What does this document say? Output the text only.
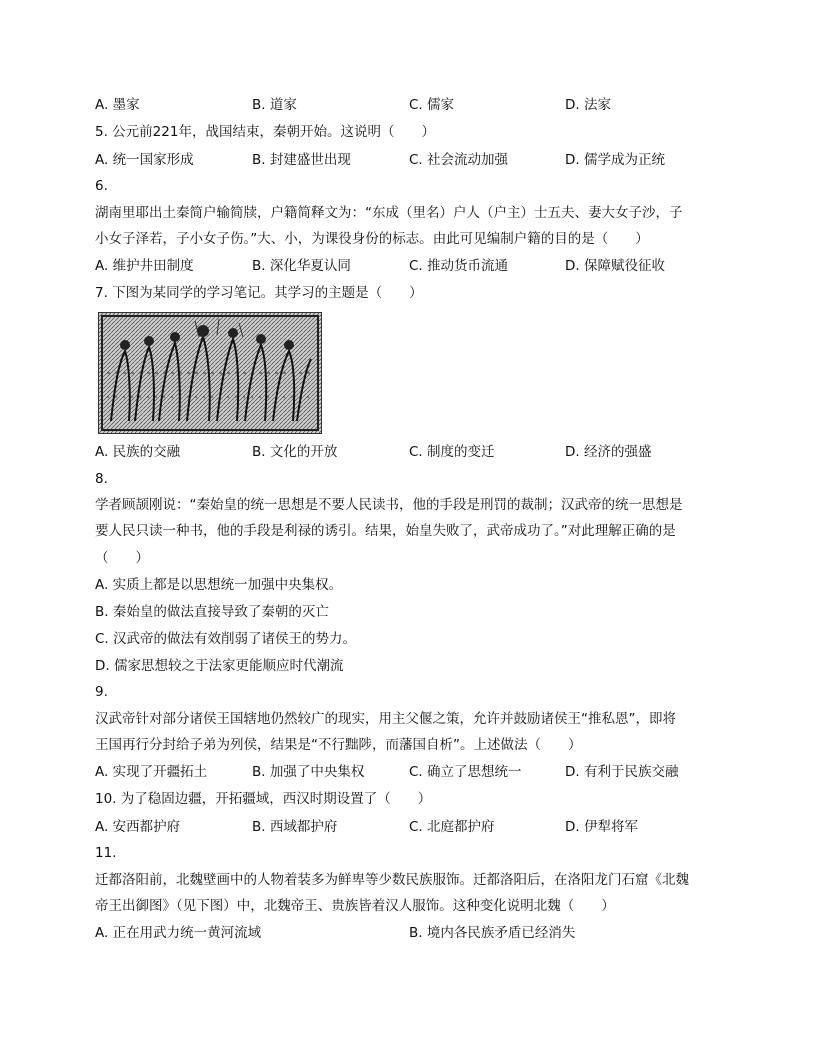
A. 墨家	B. 道家	C. 儒家	D. 法家
5. 公元前221年，战国结束，秦朝开始。这说明（　　）
A. 统一国家形成	B. 封建盛世出现	C. 社会流动加强	D. 儒学成为正统
6.
湖南里耶出土秦简户输简牍，户籍简释文为：“东成（里名）户人（户主）士五夫、妻大女子沙，子
小女子泽若，子小女子伤。”大、小，为课役身份的标志。由此可见编制户籍的目的是（　　）
A. 维护井田制度	B. 深化华夏认同	C. 推动货币流通	D. 保障赋役征收
7. 下图为某同学的学习笔记。其学习的主题是（　　）
A. 民族的交融	B. 文化的开放	C. 制度的变迁	D. 经济的强盛
8.
学者顾颉刚说：“秦始皇的统一思想是不要人民读书，他的手段是刑罚的裁制；汉武帝的统一思想是
要人民只读一种书，他的手段是利禄的诱引。结果，始皇失败了，武帝成功了。”对此理解正确的是
（　　）
A. 实质上都是以思想统一加强中央集权。
B. 秦始皇的做法直接导致了秦朝的灭亡
C. 汉武帝的做法有效削弱了诸侯王的势力。
D. 儒家思想较之于法家更能顺应时代潮流
9.
汉武帝针对部分诸侯王国辖地仍然较广的现实，用主父偃之策，允许并鼓励诸侯王“推私恩”，即将
王国再行分封给子弟为列侯，结果是“不行黜陟，而藩国自析”。上述做法（　　）
A. 实现了开疆拓土	B. 加强了中央集权	C. 确立了思想统一	D. 有利于民族交融
10. 为了稳固边疆，开拓疆域，西汉时期设置了（　　）
A. 安西都护府	B. 西域都护府	C. 北庭都护府	D. 伊犁将军
11.
迁都洛阳前，北魏壁画中的人物着装多为鲜卑等少数民族服饰。迁都洛阳后，在洛阳龙门石窟《北魏
帝王出御图》（见下图）中，北魏帝王、贵族皆着汉人服饰。这种变化说明北魏（　　）
A. 正在用武力统一黄河流域	B. 境内各民族矛盾已经消失
